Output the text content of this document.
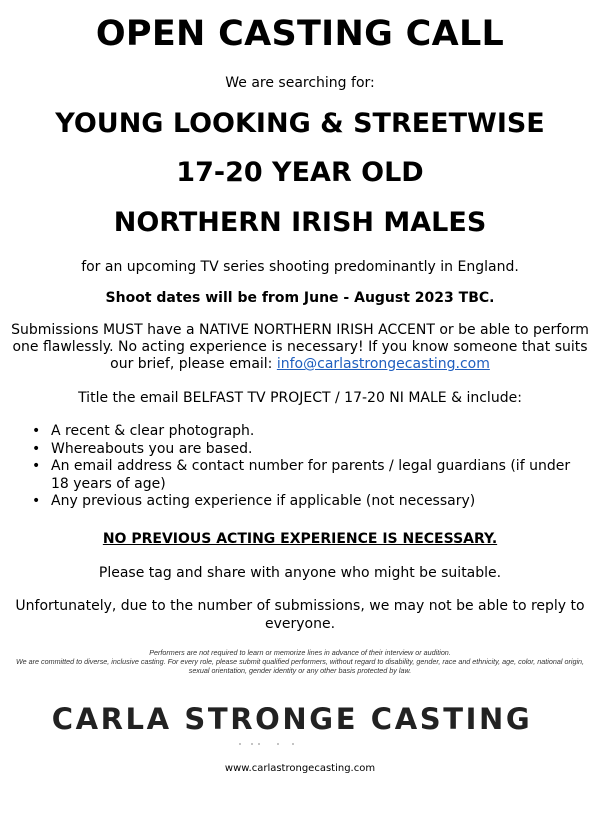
OPEN CASTING CALL
We are searching for:
YOUNG LOOKING & STREETWISE
17-20 YEAR OLD
NORTHERN IRISH MALES
for an upcoming TV series shooting predominantly in England.
Shoot dates will be from June - August 2023 TBC.
Submissions MUST have a NATIVE NORTHERN IRISH ACCENT or be able to perform one flawlessly. No acting experience is necessary! If you know someone that suits our brief, please email: info@carlastrongecasting.com
Title the email BELFAST TV PROJECT / 17-20 NI MALE & include:
• A recent & clear photograph.
• Whereabouts you are based.
• An email address & contact number for parents / legal guardians (if under 18 years of age)
• Any previous acting experience if applicable (not necessary)
NO PREVIOUS ACTING EXPERIENCE IS NECESSARY.
Please tag and share with anyone who might be suitable.
Unfortunately, due to the number of submissions, we may not be able to reply to everyone.
Performers are not required to learn or memorize lines in advance of their interview or audition.
We are committed to diverse, inclusive casting. For every role, please submit qualified performers, without regard to disability, gender, race and ethnicity, age, color, national origin, sexual orientation, gender identity or any other basis protected by law.
CARLA STRONGE CASTING
www.carlastrongecasting.com
